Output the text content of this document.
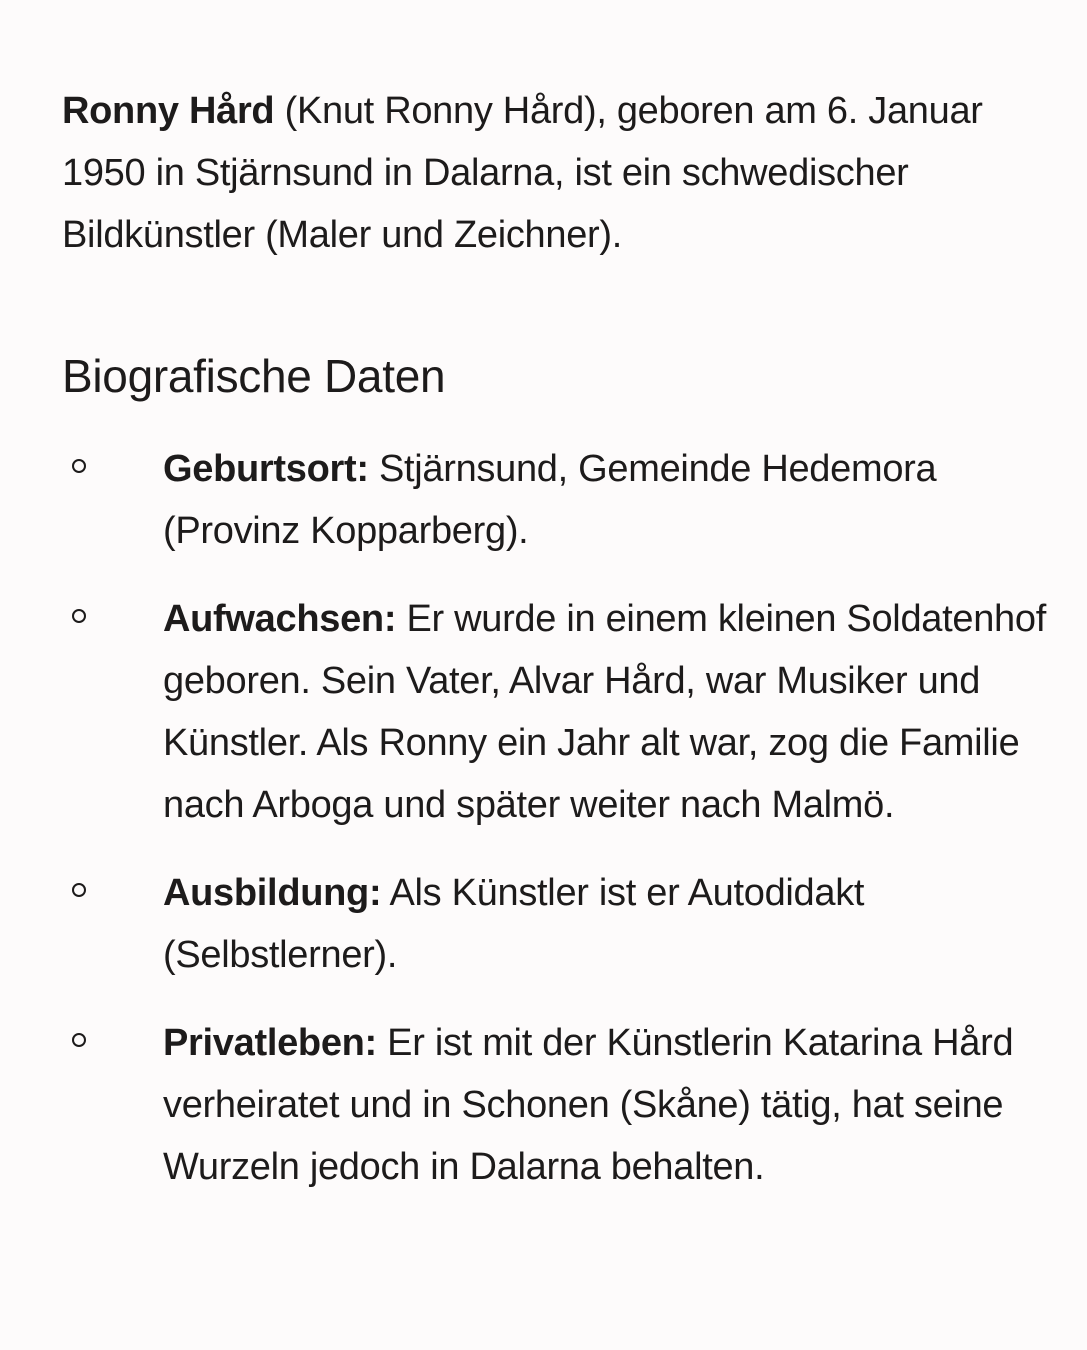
Ronny Hård (Knut Ronny Hård), geboren am 6. Januar 1950 in Stjärnsund in Dalarna, ist ein schwedischer Bildkünstler (Maler und Zeichner).

Biografische Daten
Geburtsort: Stjärnsund, Gemeinde Hedemora (Provinz Kopparberg).
Aufwachsen: Er wurde in einem kleinen Soldatenhof geboren. Sein Vater, Alvar Hård, war Musiker und Künstler. Als Ronny ein Jahr alt war, zog die Familie nach Arboga und später weiter nach Malmö.
Ausbildung: Als Künstler ist er Autodidakt (Selbstlerner).
Privatleben: Er ist mit der Künstlerin Katarina Hård verheiratet und in Schonen (Skåne) tätig, hat seine Wurzeln jedoch in Dalarna behalten.
